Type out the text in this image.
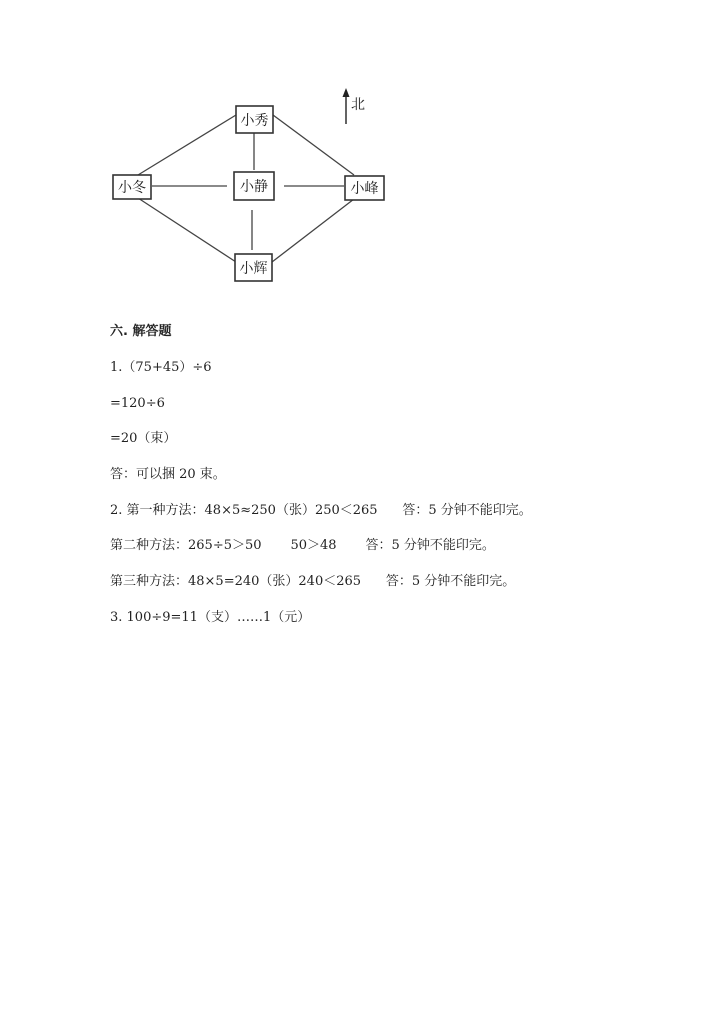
北
小秀
小冬	小静	小峰
小辉
六. 解答题
1.（75+45）÷6
=120÷6
=20（束）
答：可以捆 20 束。
2. 第一种方法：48×5≈250（张）250＜265      答：5 分钟不能印完。
第二种方法：265÷5＞50       50＞48       答：5 分钟不能印完。
第三种方法：48×5=240（张）240＜265      答：5 分钟不能印完。
3. 100÷9=11（支）……1（元）
